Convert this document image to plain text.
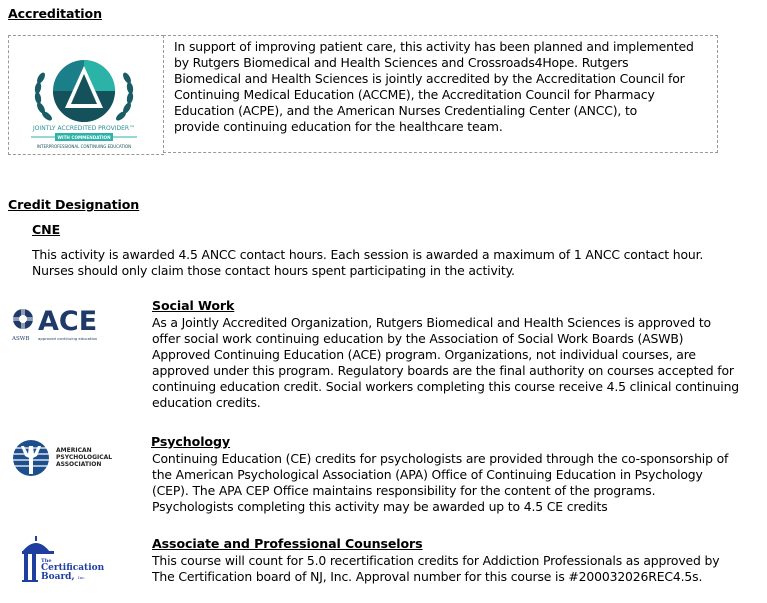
Accreditation
JOINTLY ACCREDITED PROVIDER™
WITH COMMENDATION
INTERPROFESSIONAL CONTINUING EDUCATION
In support of improving patient care, this activity has been planned and implemented
by Rutgers Biomedical and Health Sciences and Crossroads4Hope. Rutgers
Biomedical and Health Sciences is jointly accredited by the Accreditation Council for
Continuing Medical Education (ACCME), the Accreditation Council for Pharmacy
Education (ACPE), and the American Nurses Credentialing Center (ANCC), to
provide continuing education for the healthcare team.
Credit Designation
CNE
This activity is awarded 4.5 ANCC contact hours. Each session is awarded a maximum of 1 ANCC contact hour.
Nurses should only claim those contact hours spent participating in the activity.
ACE
ASWB approved continuing education
Social Work
As a Jointly Accredited Organization, Rutgers Biomedical and Health Sciences is approved to
offer social work continuing education by the Association of Social Work Boards (ASWB)
Approved Continuing Education (ACE) program. Organizations, not individual courses, are
approved under this program. Regulatory boards are the final authority on courses accepted for
continuing education credit. Social workers completing this course receive 4.5 clinical continuing
education credits.
AMERICAN
PSYCHOLOGICAL
ASSOCIATION
Psychology
Continuing Education (CE) credits for psychologists are provided through the co-sponsorship of
the American Psychological Association (APA) Office of Continuing Education in Psychology
(CEP). The APA CEP Office maintains responsibility for the content of the programs.
Psychologists completing this activity may be awarded up to 4.5 CE credits
The
Certification
Board, Inc.
Associate and Professional Counselors
This course will count for 5.0 recertification credits for Addiction Professionals as approved by
The Certification board of NJ, Inc. Approval number for this course is #200032026REC4.5s.
